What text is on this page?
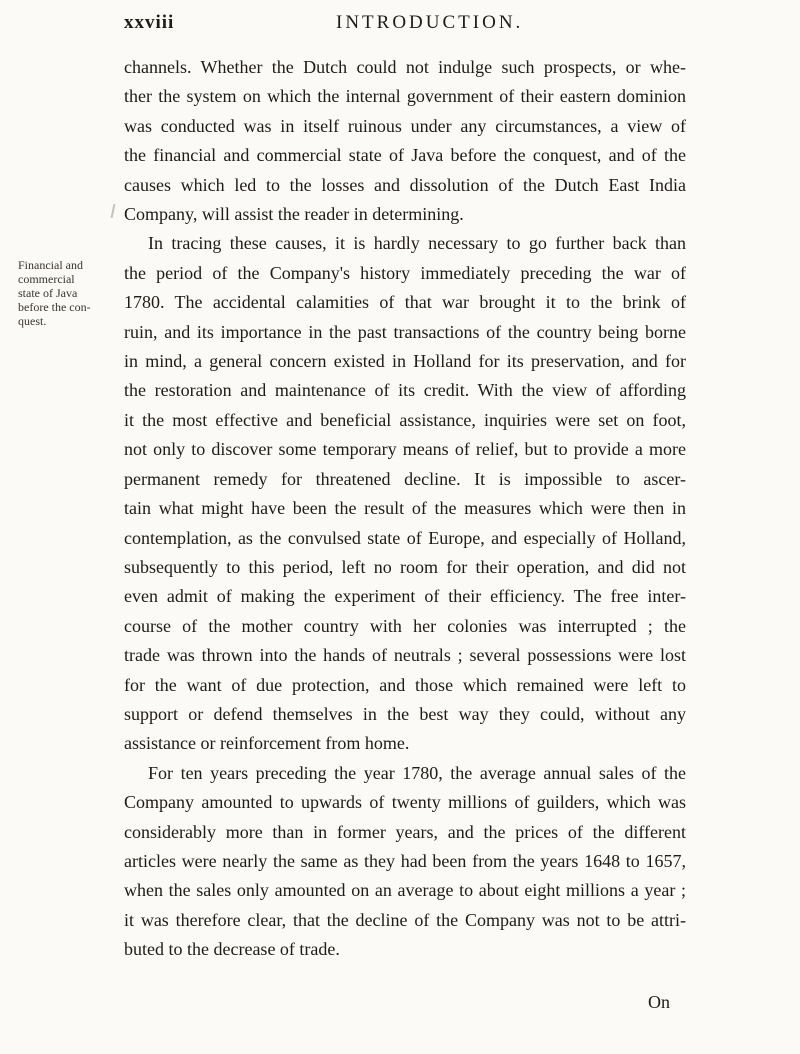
xxviii	INTRODUCTION.
Financial and
commercial
state of Java
before the con-
quest.
channels. Whether the Dutch could not indulge such prospects, or whe-
ther the system on which the internal government of their eastern dominion
was conducted was in itself ruinous under any circumstances, a view of
the financial and commercial state of Java before the conquest, and of the
causes which led to the losses and dissolution of the Dutch East India
Company, will assist the reader in determining.
In tracing these causes, it is hardly necessary to go further back than
the period of the Company's history immediately preceding the war of
1780. The accidental calamities of that war brought it to the brink of
ruin, and its importance in the past transactions of the country being borne
in mind, a general concern existed in Holland for its preservation, and for
the restoration and maintenance of its credit. With the view of affording
it the most effective and beneficial assistance, inquiries were set on foot,
not only to discover some temporary means of relief, but to provide a more
permanent remedy for threatened decline. It is impossible to ascer-
tain what might have been the result of the measures which were then in
contemplation, as the convulsed state of Europe, and especially of Holland,
subsequently to this period, left no room for their operation, and did not
even admit of making the experiment of their efficiency. The free inter-
course of the mother country with her colonies was interrupted ; the
trade was thrown into the hands of neutrals ; several possessions were lost
for the want of due protection, and those which remained were left to
support or defend themselves in the best way they could, without any
assistance or reinforcement from home.
For ten years preceding the year 1780, the average annual sales of the
Company amounted to upwards of twenty millions of guilders, which was
considerably more than in former years, and the prices of the different
articles were nearly the same as they had been from the years 1648 to 1657,
when the sales only amounted on an average to about eight millions a year ;
it was therefore clear, that the decline of the Company was not to be attri-
buted to the decrease of trade.
On
